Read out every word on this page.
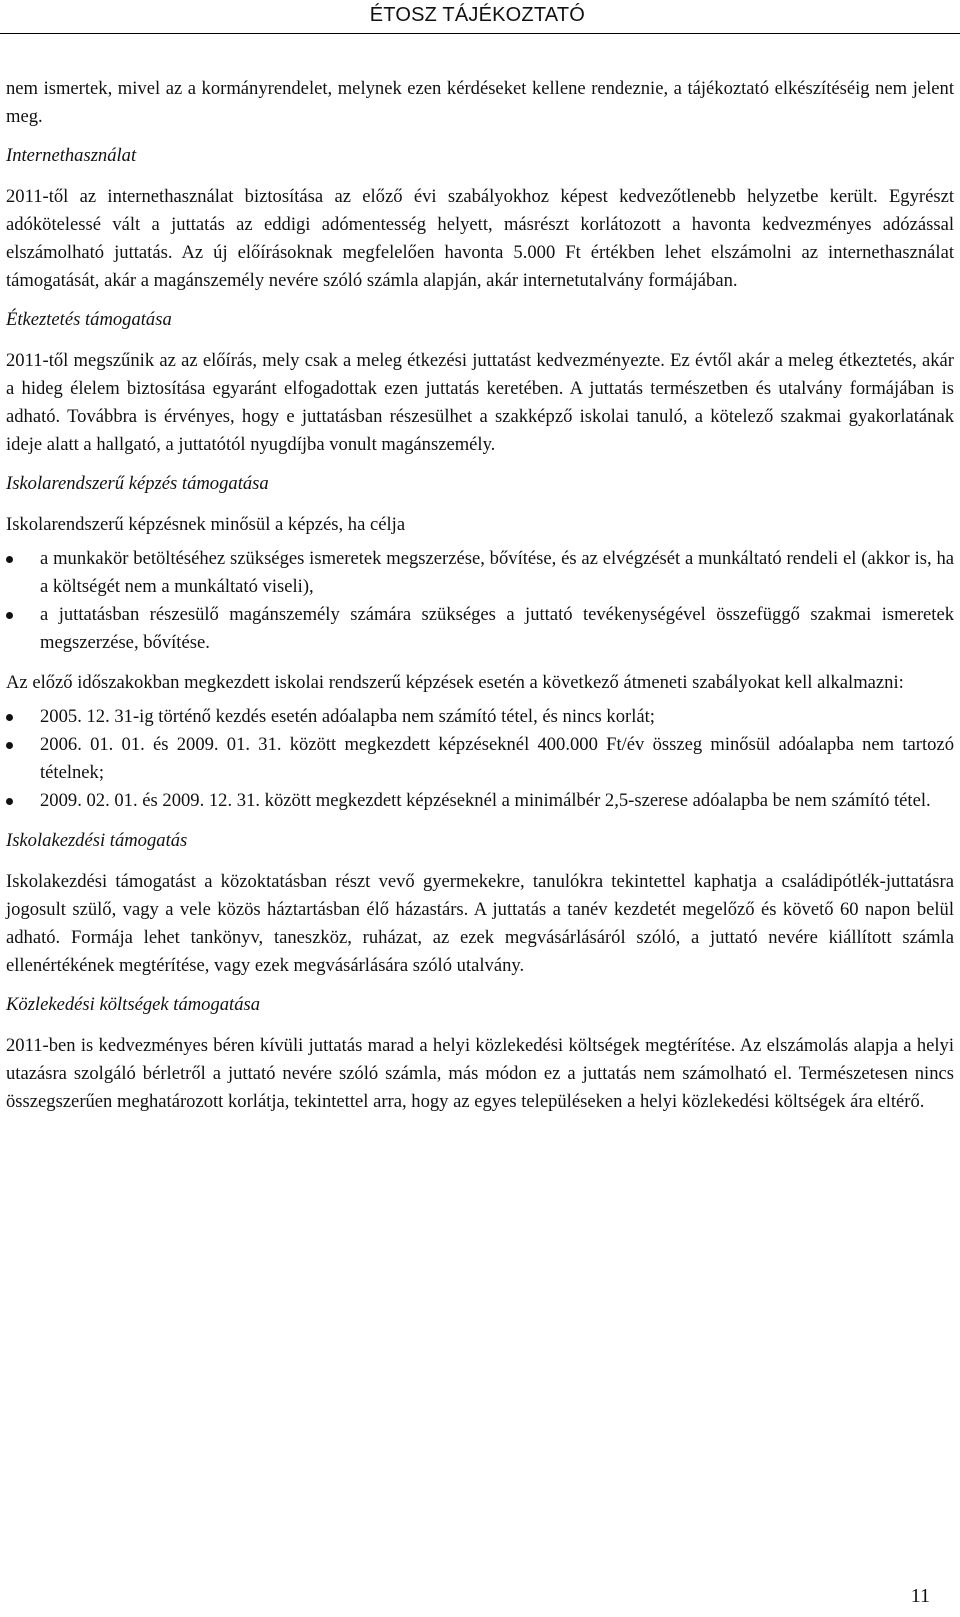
ÉTOSZ TÁJÉKOZTATÓ

nem ismertek, mivel az a kormányrendelet, melynek ezen kérdéseket kellene rendeznie, a tájékoztató elkészítéséig nem jelent meg.

Internethasználat

2011-től az internethasználat biztosítása az előző évi szabályokhoz képest kedvezőtlenebb helyzetbe került. Egyrészt adókötelessé vált a juttatás az eddigi adómentesség helyett, másrészt korlátozott a havonta kedvezményes adózással elszámolható juttatás. Az új előírásoknak megfelelően havonta 5.000 Ft értékben lehet elszámolni az internethasználat támogatását, akár a magánszemély nevére szóló számla alapján, akár internetutalvány formájában.

Étkeztetés támogatása

2011-től megszűnik az az előírás, mely csak a meleg étkezési juttatást kedvezményezte. Ez évtől akár a meleg étkeztetés, akár a hideg élelem biztosítása egyaránt elfogadottak ezen juttatás keretében. A juttatás természetben és utalvány formájában is adható. Továbbra is érvényes, hogy e juttatásban részesülhet a szakképző iskolai tanuló, a kötelező szakmai gyakorlatának ideje alatt a hallgató, a juttatótól nyugdíjba vonult magánszemély.

Iskolarendszerű képzés támogatása

Iskolarendszerű képzésnek minősül a képzés, ha célja

a munkakör betöltéséhez szükséges ismeretek megszerzése, bővítése, és az elvégzését a munkáltató rendeli el (akkor is, ha a költségét nem a munkáltató viseli),
a juttatásban részesülő magánszemély számára szükséges a juttató tevékenységével összefüggő szakmai ismeretek megszerzése, bővítése.

Az előző időszakokban megkezdett iskolai rendszerű képzések esetén a következő átmeneti szabályokat kell alkalmazni:

2005. 12. 31-ig történő kezdés esetén adóalapba nem számító tétel, és nincs korlát;
2006. 01. 01. és 2009. 01. 31. között megkezdett képzéseknél 400.000 Ft/év összeg minősül adóalapba nem tartozó tételnek;
2009. 02. 01. és 2009. 12. 31. között megkezdett képzéseknél a minimálbér 2,5-szerese adóalapba be nem számító tétel.

Iskolakezdési támogatás

Iskolakezdési támogatást a közoktatásban részt vevő gyermekekre, tanulókra tekintettel kaphatja a családipótlék-juttatásra jogosult szülő, vagy a vele közös háztartásban élő házastárs. A juttatás a tanév kezdetét megelőző és követő 60 napon belül adható. Formája lehet tankönyv, taneszköz, ruházat, az ezek megvásárlásáról szóló, a juttató nevére kiállított számla ellenértékének megtérítése, vagy ezek megvásárlására szóló utalvány.

Közlekedési költségek támogatása

2011-ben is kedvezményes béren kívüli juttatás marad a helyi közlekedési költségek megtérítése. Az elszámolás alapja a helyi utazásra szolgáló bérletről a juttató nevére szóló számla, más módon ez a juttatás nem számolható el. Természetesen nincs összegszerűen meghatározott korlátja, tekintettel arra, hogy az egyes településeken a helyi közlekedési költségek ára eltérő.

11
